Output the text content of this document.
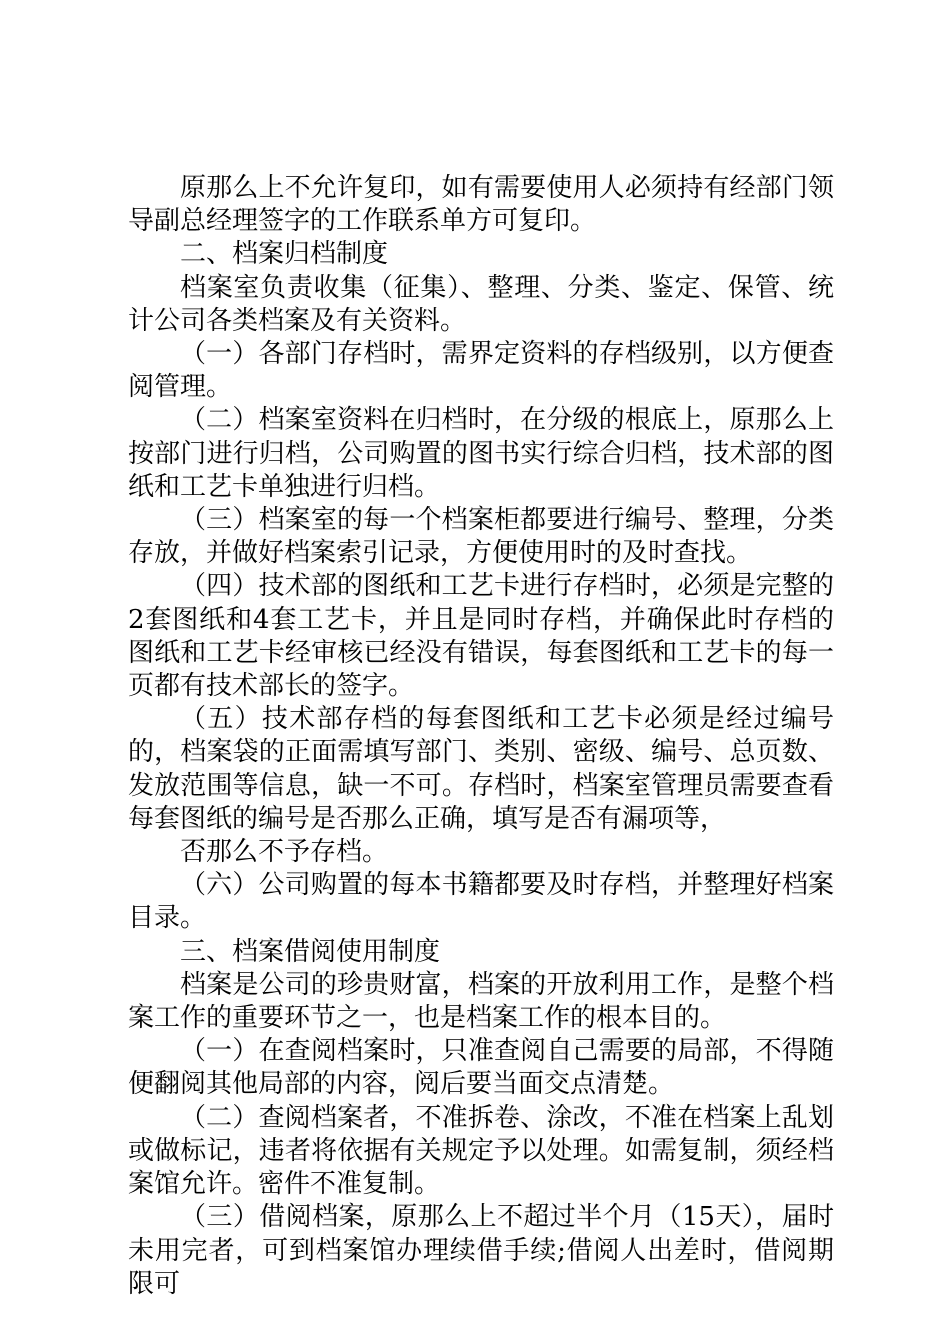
原那么上不允许复印，如有需要使用人必须持有经部门领导副总经理签字的工作联系单方可复印。

二、档案归档制度

档案室负责收集（征集）、整理、分类、鉴定、保管、统计公司各类档案及有关资料。

（一）各部门存档时，需界定资料的存档级别，以方便查阅管理。

（二）档案室资料在归档时，在分级的根底上，原那么上按部门进行归档，公司购置的图书实行综合归档，技术部的图纸和工艺卡单独进行归档。

（三）档案室的每一个档案柜都要进行编号、整理，分类存放，并做好档案索引记录，方便使用时的及时查找。

（四）技术部的图纸和工艺卡进行存档时，必须是完整的2套图纸和4套工艺卡，并且是同时存档，并确保此时存档的图纸和工艺卡经审核已经没有错误，每套图纸和工艺卡的每一页都有技术部长的签字。

（五）技术部存档的每套图纸和工艺卡必须是经过编号的，档案袋的正面需填写部门、类别、密级、编号、总页数、发放范围等信息，缺一不可。存档时，档案室管理员需要查看每套图纸的编号是否那么正确，填写是否有漏项等，

否那么不予存档。

（六）公司购置的每本书籍都要及时存档，并整理好档案目录。

三、档案借阅使用制度

档案是公司的珍贵财富，档案的开放利用工作，是整个档案工作的重要环节之一，也是档案工作的根本目的。

（一）在查阅档案时，只准查阅自己需要的局部，不得随便翻阅其他局部的内容，阅后要当面交点清楚。

（二）查阅档案者，不准拆卷、涂改，不准在档案上乱划或做标记，违者将依据有关规定予以处理。如需复制，须经档案馆允许。密件不准复制。

（三）借阅档案，原那么上不超过半个月（15天），届时未用完者，可到档案馆办理续借手续;借阅人出差时，借阅期限可
